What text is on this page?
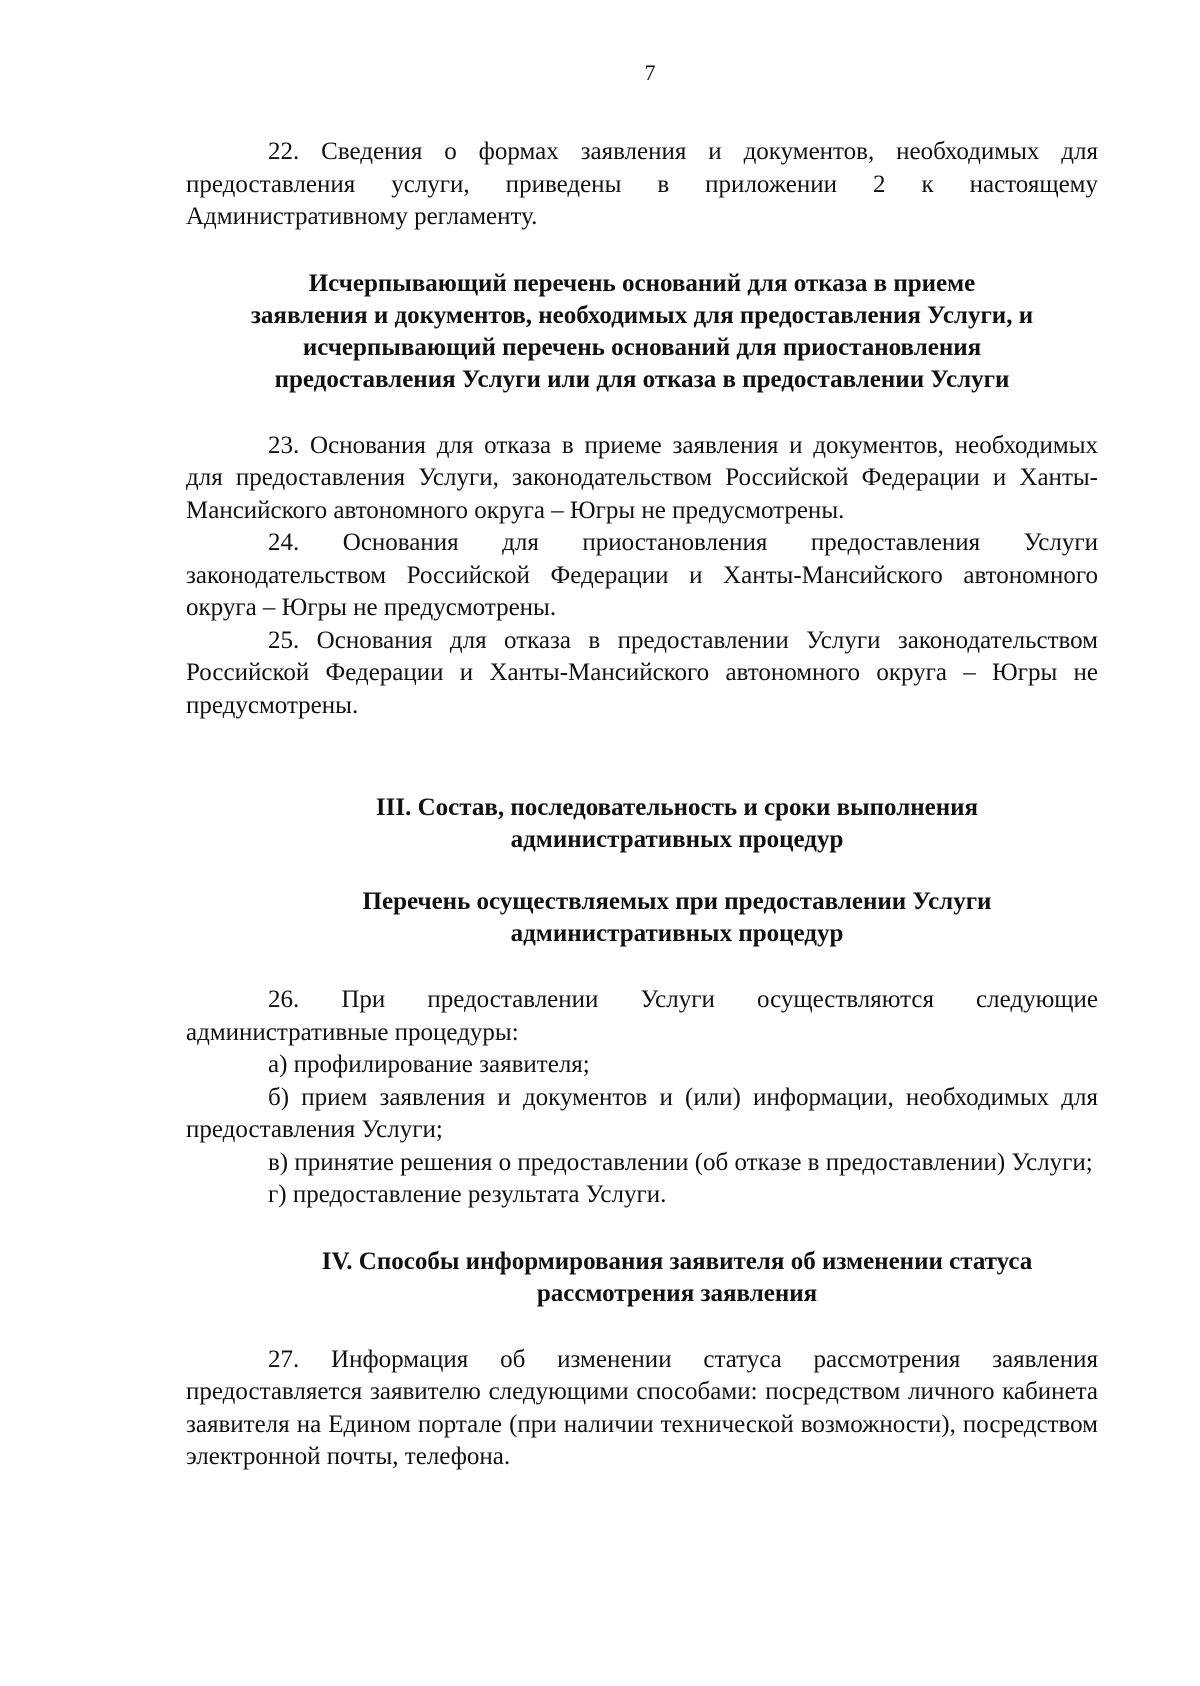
7

22. Сведения о формах заявления и документов, необходимых для предоставления услуги, приведены в приложении 2 к настоящему Административному регламенту.

Исчерпывающий перечень оснований для отказа в приеме
заявления и документов, необходимых для предоставления Услуги, и
исчерпывающий перечень оснований для приостановления
предоставления Услуги или для отказа в предоставлении Услуги

23. Основания для отказа в приеме заявления и документов, необходимых для предоставления Услуги, законодательством Российской Федерации и Ханты-Мансийского автономного округа – Югры не предусмотрены.

24. Основания для приостановления предоставления Услуги законодательством Российской Федерации и Ханты-Мансийского автономного округа – Югры не предусмотрены.

25. Основания для отказа в предоставлении Услуги законодательством Российской Федерации и Ханты-Мансийского автономного округа – Югры не предусмотрены.

III. Состав, последовательность и сроки выполнения
административных процедур
Перечень осуществляемых при предоставлении Услуги
административных процедур

26. При предоставлении Услуги осуществляются следующие административные процедуры:

а) профилирование заявителя;

б) прием заявления и документов и (или) информации, необходимых для предоставления Услуги;

в) принятие решения о предоставлении (об отказе в предоставлении) Услуги;

г) предоставление результата Услуги.

IV. Способы информирования заявителя об изменении статуса
рассмотрения заявления

27. Информация об изменении статуса рассмотрения заявления предоставляется заявителю следующими способами: посредством личного кабинета заявителя на Едином портале (при наличии технической возможности), посредством электронной почты, телефона.
